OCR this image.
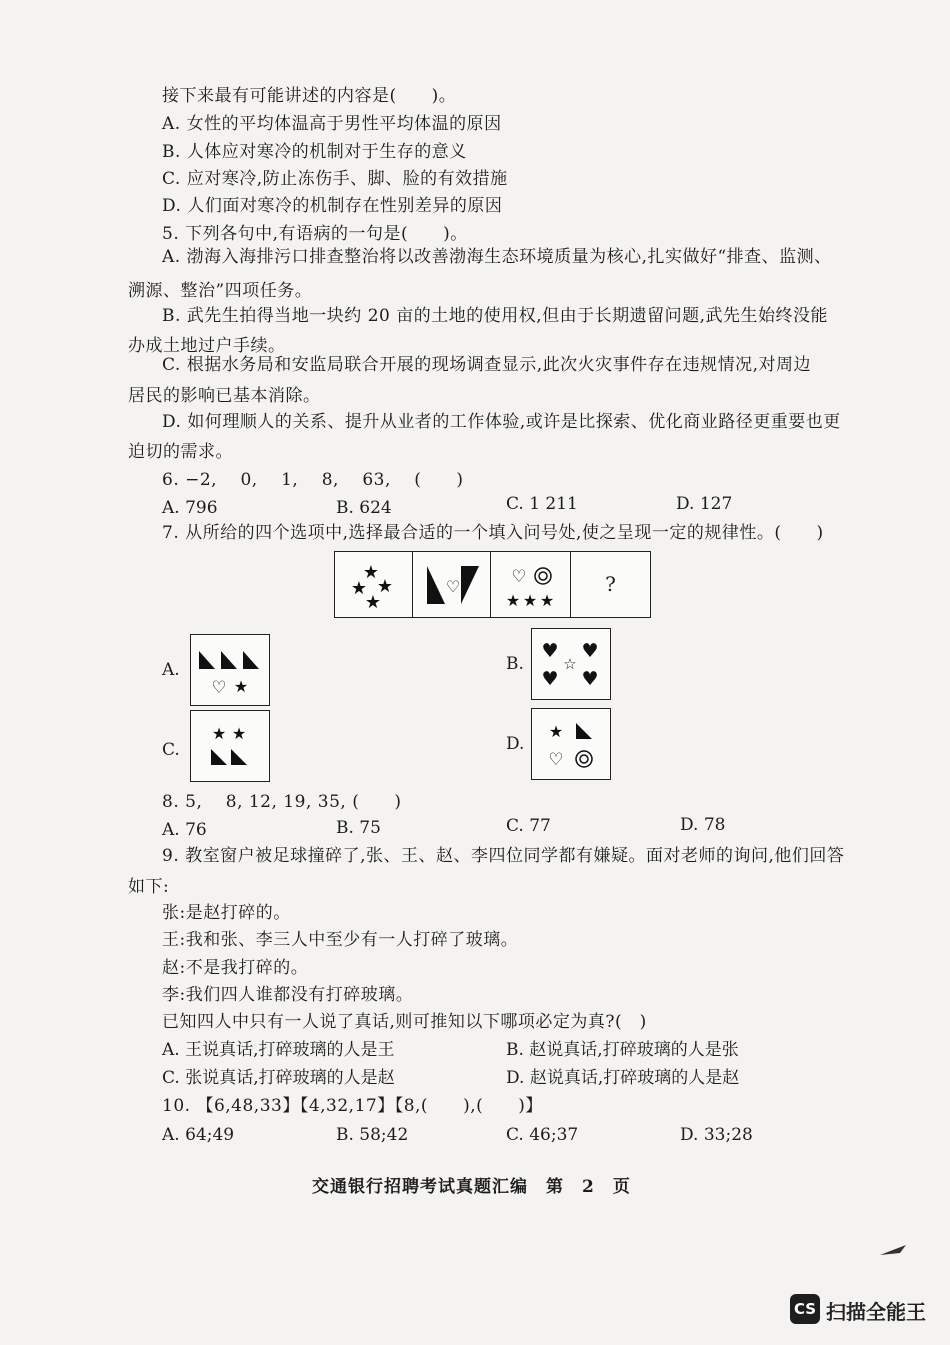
接下来最有可能讲述的内容是(　　)。
A. 女性的平均体温高于男性平均体温的原因
B. 人体应对寒冷的机制对于生存的意义
C. 应对寒冷,防止冻伤手、脚、脸的有效措施
D. 人们面对寒冷的机制存在性别差异的原因
5. 下列各句中,有语病的一句是(　　)。
A. 渤海入海排污口排查整治将以改善渤海生态环境质量为核心,扎实做好“排查、监测、
溯源、整治”四项任务。
B. 武先生拍得当地一块约 20 亩的土地的使用权,但由于长期遗留问题,武先生始终没能
办成土地过户手续。
C. 根据水务局和安监局联合开展的现场调查显示,此次火灾事件存在违规情况,对周边
居民的影响已基本消除。
D. 如何理顺人的关系、提升从业者的工作体验,或许是比探索、优化商业路径更重要也更
迫切的需求。
6. −2, 　0, 　1, 　8, 　63, 　(　　)
A. 796	B. 624	C. 1 211	D. 127
7. 从所给的四个选项中,选择最合适的一个填入问号处,使之呈现一定的规律性。(　　)
★
★ ★
★
♡	♡
★ ★ ★
?
A.
♡ ★
B.
♥ ♥
☆
♥ ♥
C.
★ ★
D.
★
♡
8. 5, 　8, 12, 19, 35, (　　)
A. 76	B. 75	C. 77	D. 78
9. 教室窗户被足球撞碎了,张、王、赵、李四位同学都有嫌疑。面对老师的询问,他们回答
如下:
张:是赵打碎的。
王:我和张、李三人中至少有一人打碎了玻璃。
赵:不是我打碎的。
李:我们四人谁都没有打碎玻璃。
已知四人中只有一人说了真话,则可推知以下哪项必定为真?(　)
A. 王说真话,打碎玻璃的人是王	B. 赵说真话,打碎玻璃的人是张
C. 张说真话,打碎玻璃的人是赵	D. 赵说真话,打碎玻璃的人是赵
10. 【6,48,33】【4,32,17】【8,(　　),(　　)】
A. 64;49	B. 58;42	C. 46;37	D. 33;28
交通银行招聘考试真题汇编　第　2　页
CS 扫描全能王
